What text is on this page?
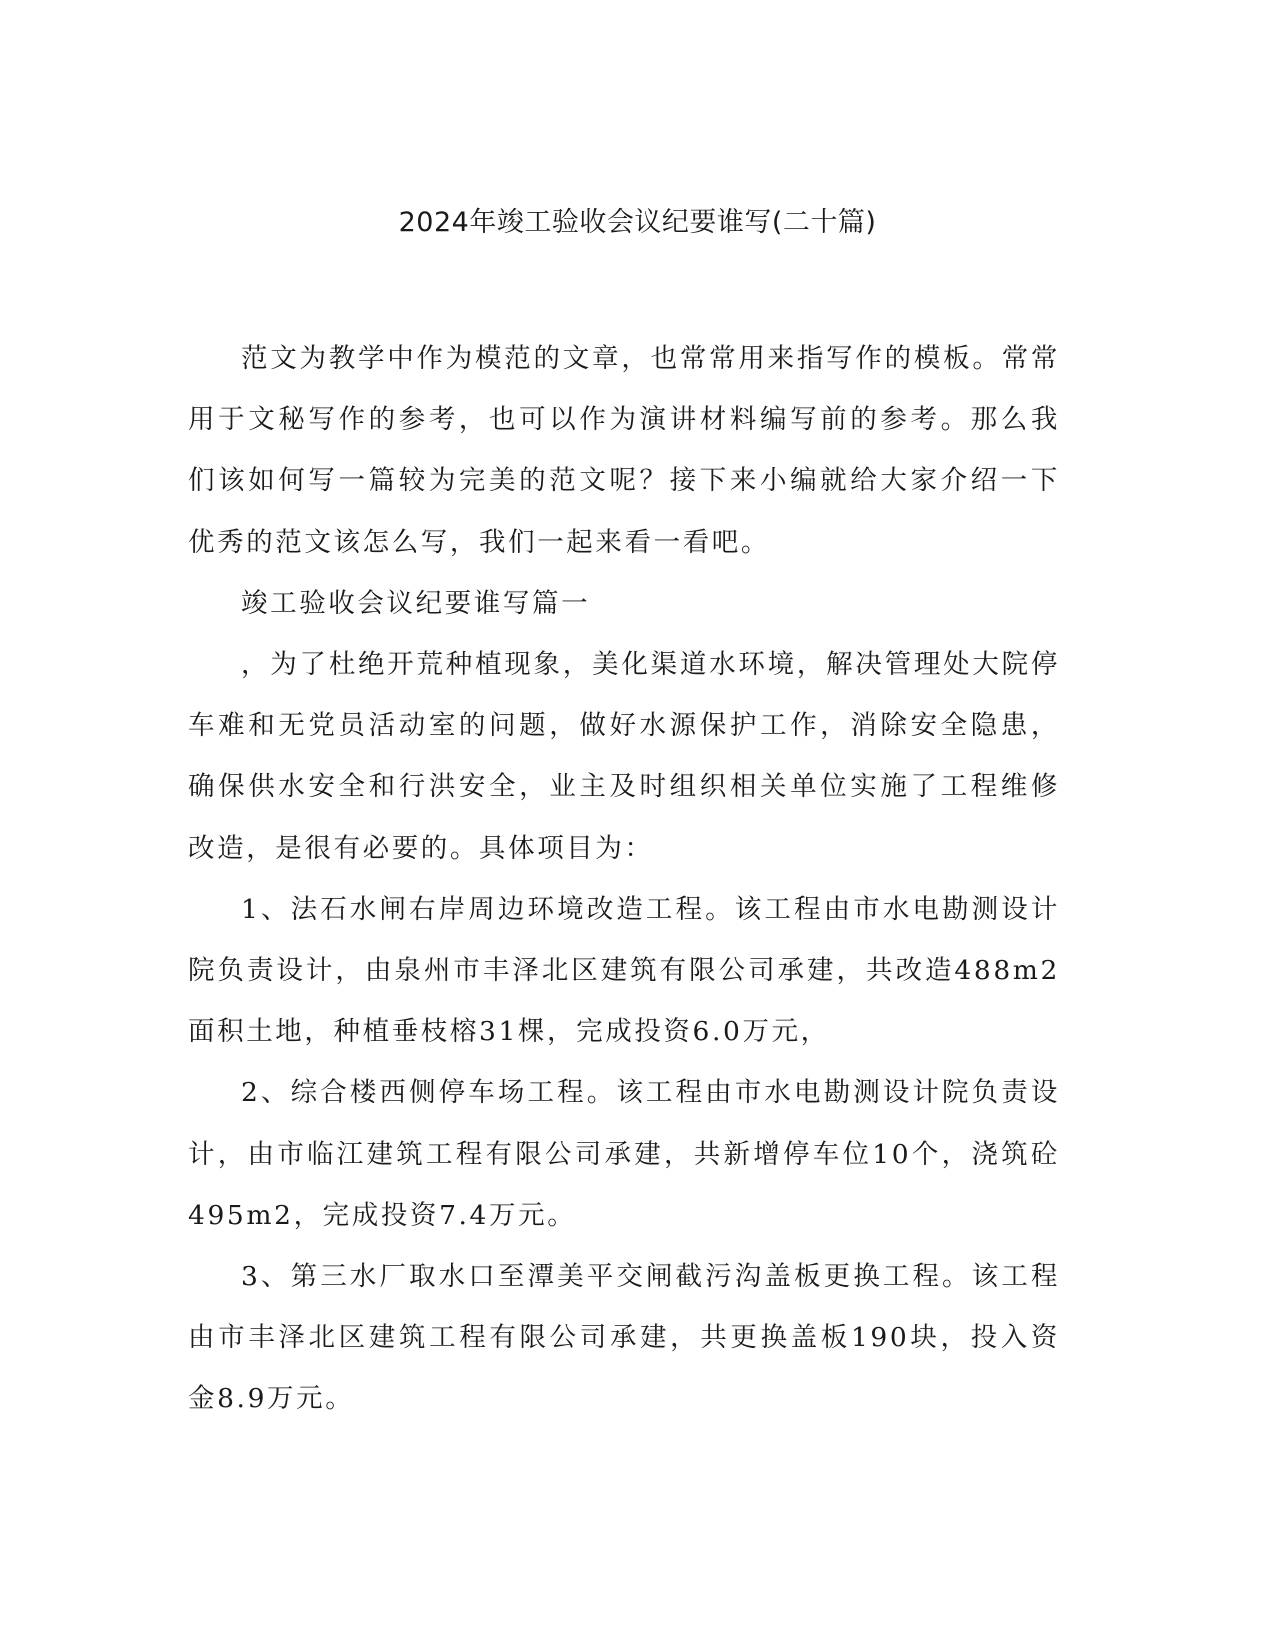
2024年竣工验收会议纪要谁写(二十篇)

范文为教学中作为模范的文章，也常常用来指写作的模板。常常用于文秘写作的参考，也可以作为演讲材料编写前的参考。那么我们该如何写一篇较为完美的范文呢？接下来小编就给大家介绍一下优秀的范文该怎么写，我们一起来看一看吧。

竣工验收会议纪要谁写篇一

，为了杜绝开荒种植现象，美化渠道水环境，解决管理处大院停车难和无党员活动室的问题，做好水源保护工作，消除安全隐患，确保供水安全和行洪安全，业主及时组织相关单位实施了工程维修改造，是很有必要的。具体项目为：

1、法石水闸右岸周边环境改造工程。该工程由市水电勘测设计院负责设计，由泉州市丰泽北区建筑有限公司承建，共改造488m2面积土地，种植垂枝榕31棵，完成投资6.0万元，

2、综合楼西侧停车场工程。该工程由市水电勘测设计院负责设计，由市临江建筑工程有限公司承建，共新增停车位10个，浇筑砼495m2，完成投资7.4万元。

3、第三水厂取水口至潭美平交闸截污沟盖板更换工程。该工程由市丰泽北区建筑工程有限公司承建，共更换盖板190块，投入资金8.9万元。
